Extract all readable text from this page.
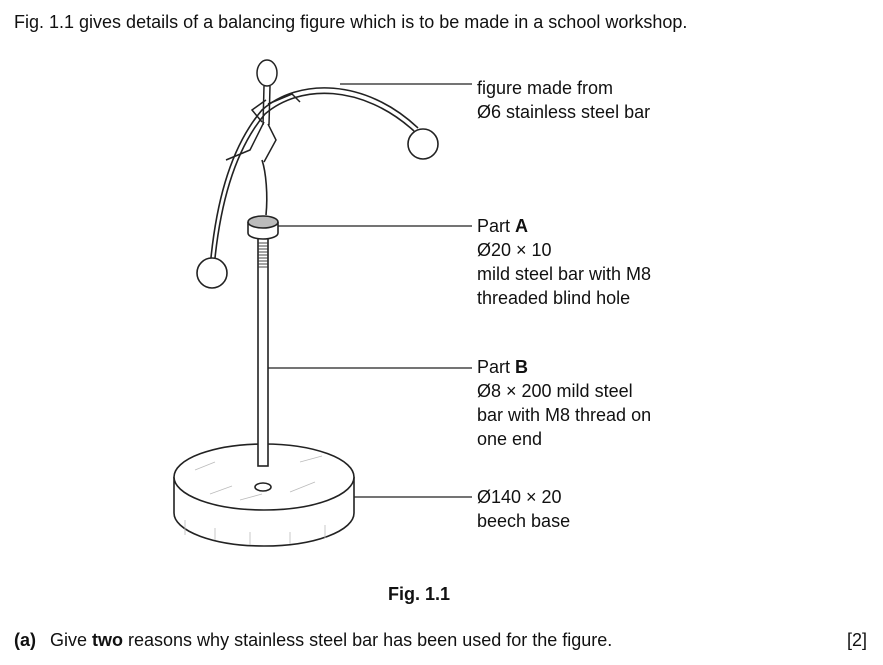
Fig. 1.1 gives details of a balancing figure which is to be made in a school workshop.
figure made from
Ø6 stainless steel bar
Part A
Ø20 × 10
mild steel bar with M8
threaded blind hole
Part B
Ø8 × 200 mild steel
bar with M8 thread on
one end
Ø140 × 20
beech base
Fig. 1.1
(a) Give two reasons why stainless steel bar has been used for the figure.	[2]
